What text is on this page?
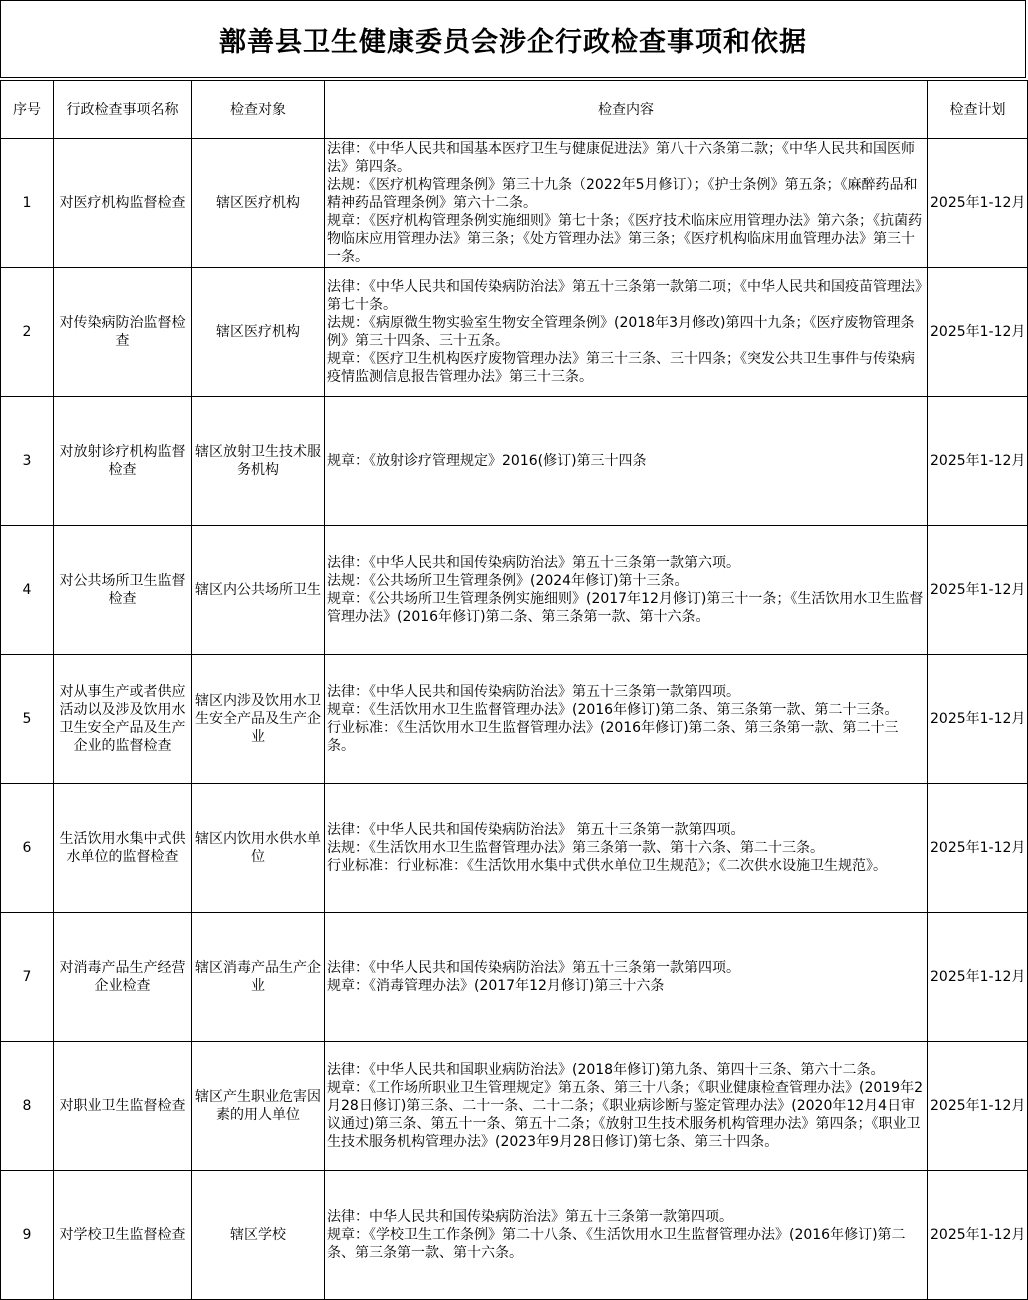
鄯善县卫生健康委员会涉企行政检查事项和依据
序号	行政检查事项名称	检查对象	检查内容	检查计划
1	对医疗机构监督检查	辖区医疗机构	法律：《中华人民共和国基本医疗卫生与健康促进法》第八十六条第二款；《中华人民共和国医师法》第四条。
法规：《医疗机构管理条例》第三十九条（2022年5月修订）；《护士条例》第五条；《麻醉药品和精神药品管理条例》第六十二条。
规章：《医疗机构管理条例实施细则》第七十条；《医疗技术临床应用管理办法》第六条；《抗菌药物临床应用管理办法》第三条；《处方管理办法》第三条；《医疗机构临床用血管理办法》第三十一条。	2025年1-12月
2	对传染病防治监督检查	辖区医疗机构	法律：《中华人民共和国传染病防治法》第五十三条第一款第二项；《中华人民共和国疫苗管理法》第七十条。
法规：《病原微生物实验室生物安全管理条例》(2018年3月修改)第四十九条；《医疗废物管理条例》第三十四条、三十五条。
规章：《医疗卫生机构医疗废物管理办法》第三十三条、三十四条；《突发公共卫生事件与传染病疫情监测信息报告管理办法》第三十三条。	2025年1-12月
3	对放射诊疗机构监督检查	辖区放射卫生技术服务机构	规章：《放射诊疗管理规定》2016(修订)第三十四条	2025年1-12月
4	对公共场所卫生监督检查	辖区内公共场所卫生	法律：《中华人民共和国传染病防治法》第五十三条第一款第六项。
法规：《公共场所卫生管理条例》(2024年修订)第十三条。
规章：《公共场所卫生管理条例实施细则》(2017年12月修订)第三十一条；《生活饮用水卫生监督管理办法》(2016年修订)第二条、第三条第一款、第十六条。	2025年1-12月
5	对从事生产或者供应活动以及涉及饮用水卫生安全产品及生产企业的监督检查	辖区内涉及饮用水卫生安全产品及生产企业	法律：《中华人民共和国传染病防治法》第五十三条第一款第四项。
规章：《生活饮用水卫生监督管理办法》(2016年修订)第二条、第三条第一款、第二十三条。
行业标准：《生活饮用水卫生监督管理办法》(2016年修订)第二条、第三条第一款、第二十三条。	2025年1-12月
6	生活饮用水集中式供水单位的监督检查	辖区内饮用水供水单位	法律：《中华人民共和国传染病防治法》 第五十三条第一款第四项。
法规：《生活饮用水卫生监督管理办法》第三条第一款、第十六条、第二十三条。
行业标准：行业标准：《生活饮用水集中式供水单位卫生规范》；《二次供水设施卫生规范》。	2025年1-12月
7	对消毒产品生产经营企业检查	辖区消毒产品生产企业	法律：《中华人民共和国传染病防治法》第五十三条第一款第四项。
规章：《消毒管理办法》(2017年12月修订)第三十六条	2025年1-12月
8	对职业卫生监督检查	辖区产生职业危害因素的用人单位	法律：《中华人民共和国职业病防治法》(2018年修订)第九条、第四十三条、第六十二条。
规章：《工作场所职业卫生管理规定》第五条、第三十八条；《职业健康检查管理办法》(2019年2月28日修订)第三条、二十一条、二十二条；《职业病诊断与鉴定管理办法》(2020年12月4日审议通过)第三条、第五十一条、第五十二条；《放射卫生技术服务机构管理办法》第四条；《职业卫生技术服务机构管理办法》(2023年9月28日修订)第七条、第三十四条。	2025年1-12月
9	对学校卫生监督检查	辖区学校	法律：中华人民共和国传染病防治法》第五十三条第一款第四项。
规章：《学校卫生工作条例》第二十八条、《生活饮用水卫生监督管理办法》(2016年修订)第二条、第三条第一款、第十六条。	2025年1-12月
